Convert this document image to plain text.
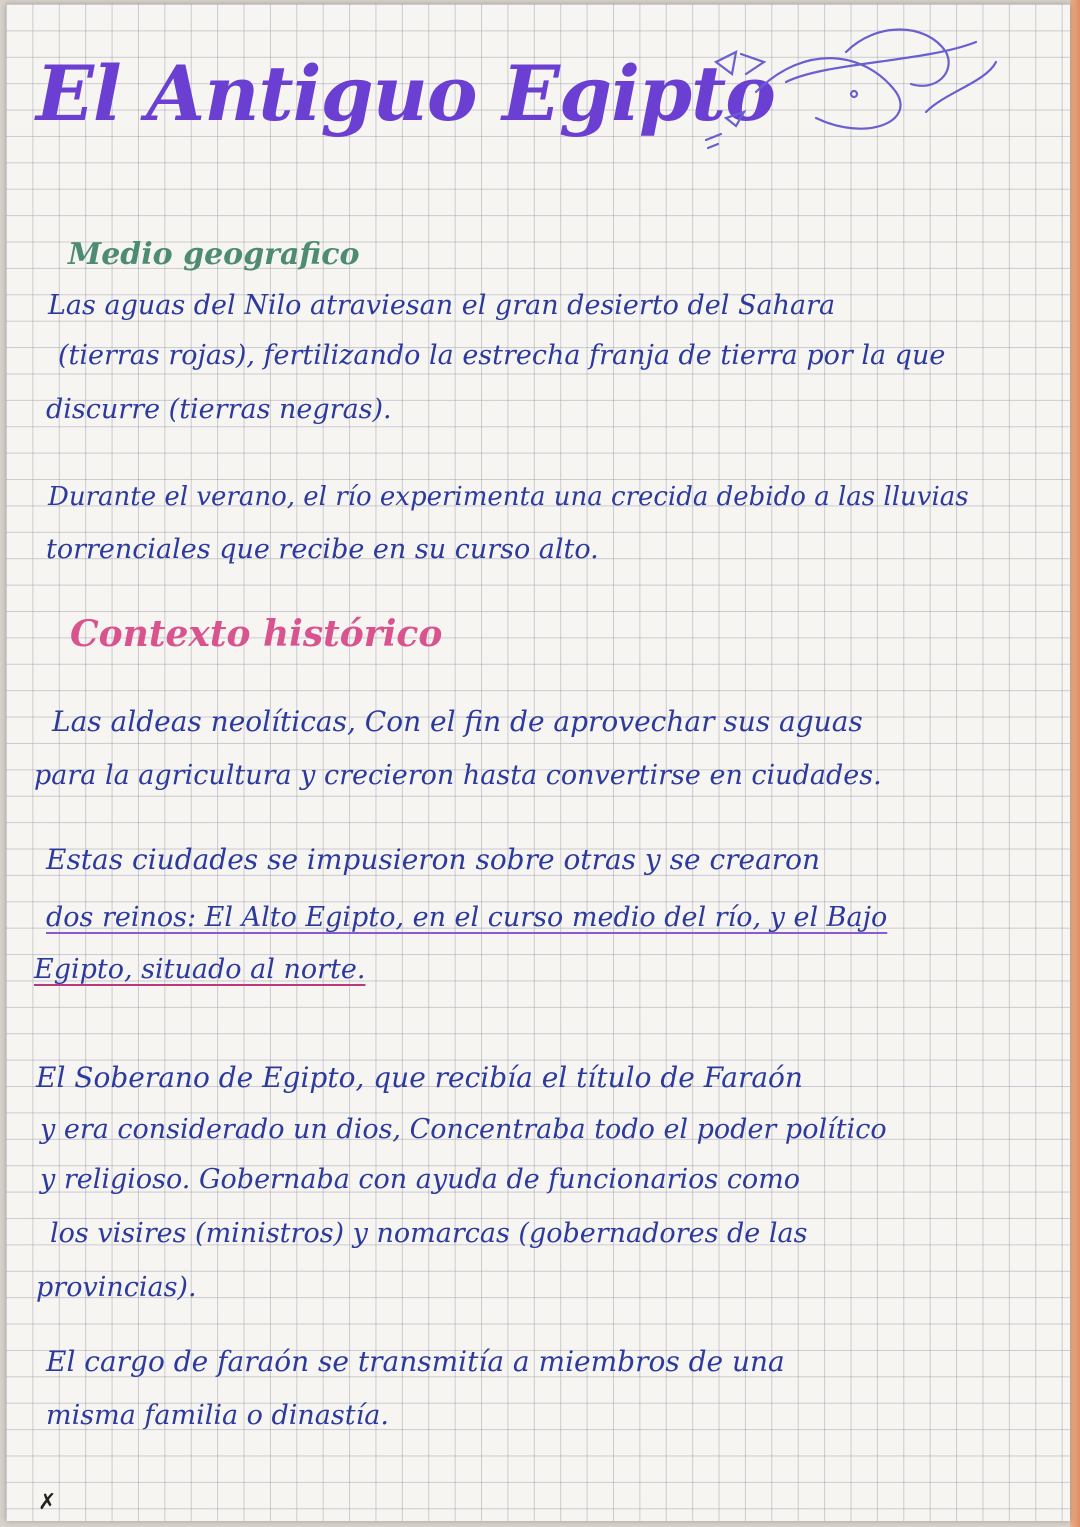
El Antiguo Egipto
Medio geografico

Las aguas del Nilo atraviesan el gran desierto del Sahara

(tierras rojas), fertilizando la estrecha franja de tierra por la que

discurre (tierras negras).

Durante el verano, el río experimenta una crecida debido a las lluvias

torrenciales que recibe en su curso alto.

Contexto histórico

Las aldeas neolíticas, Con el fin de aprovechar sus aguas

para la agricultura y crecieron hasta convertirse en ciudades.

Estas ciudades se impusieron sobre otras y se crearon

dos reinos: El Alto Egipto, en el curso medio del río, y el Bajo

Egipto, situado al norte.

El Soberano de Egipto, que recibía el título de Faraón

y era considerado un dios, Concentraba todo el poder político

y religioso. Gobernaba con ayuda de funcionarios como

los visires (ministros) y nomarcas (gobernadores de las

provincias).

El cargo de faraón se transmitía a miembros de una

misma familia o dinastía.

✗
